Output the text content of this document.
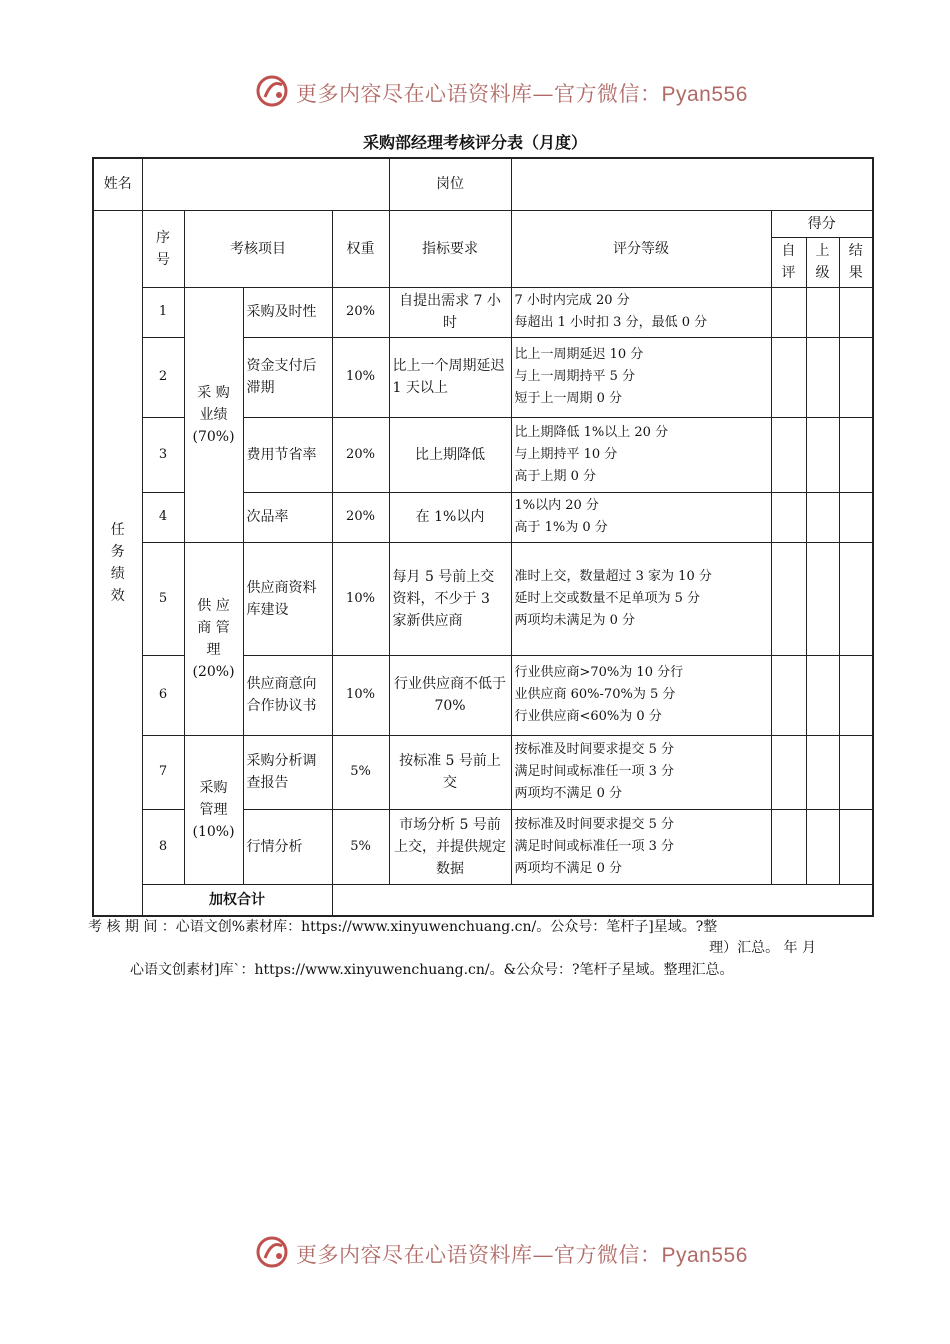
更多内容尽在心语资料库—官方微信：Pyan556
采购部经理考核评分表（月度）
姓名					岗位				
任务绩效	序号	考核项目		权重	指标要求	评分等级	得分		
							自评	上级	结果
	1	采 购 业绩 (70%)	采购及时性	20%	自提出需求 7 小时	7 小时内完成 20 分
每超出 1 小时扣 3 分，最低 0 分			

	2		资金支付后滞期	10%	比上一个周期延迟 1 天以上	比上一周期延迟 10 分
与上一周期持平 5 分
短于上一周期 0 分			

	3		费用节省率	20%	比上期降低	比上期降低 1%以上 20 分
与上期持平 10 分
高于上期 0 分			

	4		次品率	20%	在 1%以内	1%以内 20 分
高于 1%为 0 分			

	5	供 应 商 管 理 (20%)	供应商资料库建设	10%	每月 5 号前上交资料，不少于 3 家新供应商	准时上交，数量超过 3 家为 10 分
延时上交或数量不足单项为 5 分
两项均未满足为 0 分			

	6		供应商意向合作协议书	10%	行业供应商不低于 70%	行业供应商>70%为 10 分行
业供应商 60%-70%为 5 分
行业供应商<60%为 0 分			

	7	采购 管理 (10%)	采购分析调查报告	5%	按标准 5 号前上交	按标准及时间要求提交 5 分
满足时间或标准任一项 3 分
两项均不满足 0 分			

	8		行情分析	5%	市场分析 5 号前上交，并提供规定数据	按标准及时间要求提交 5 分
满足时间或标准任一项 3 分
两项均不满足 0 分			

	加权合计								
考 核 期 间 ：心语文创%素材库：https://www.xinyuwenchuang.cn/。公众号：笔杆子]星域。?整
理）汇总。 年 月
心语文创素材]库`：https://www.xinyuwenchuang.cn/。&公众号：?笔杆子星域。整理汇总。
更多内容尽在心语资料库—官方微信：Pyan556
